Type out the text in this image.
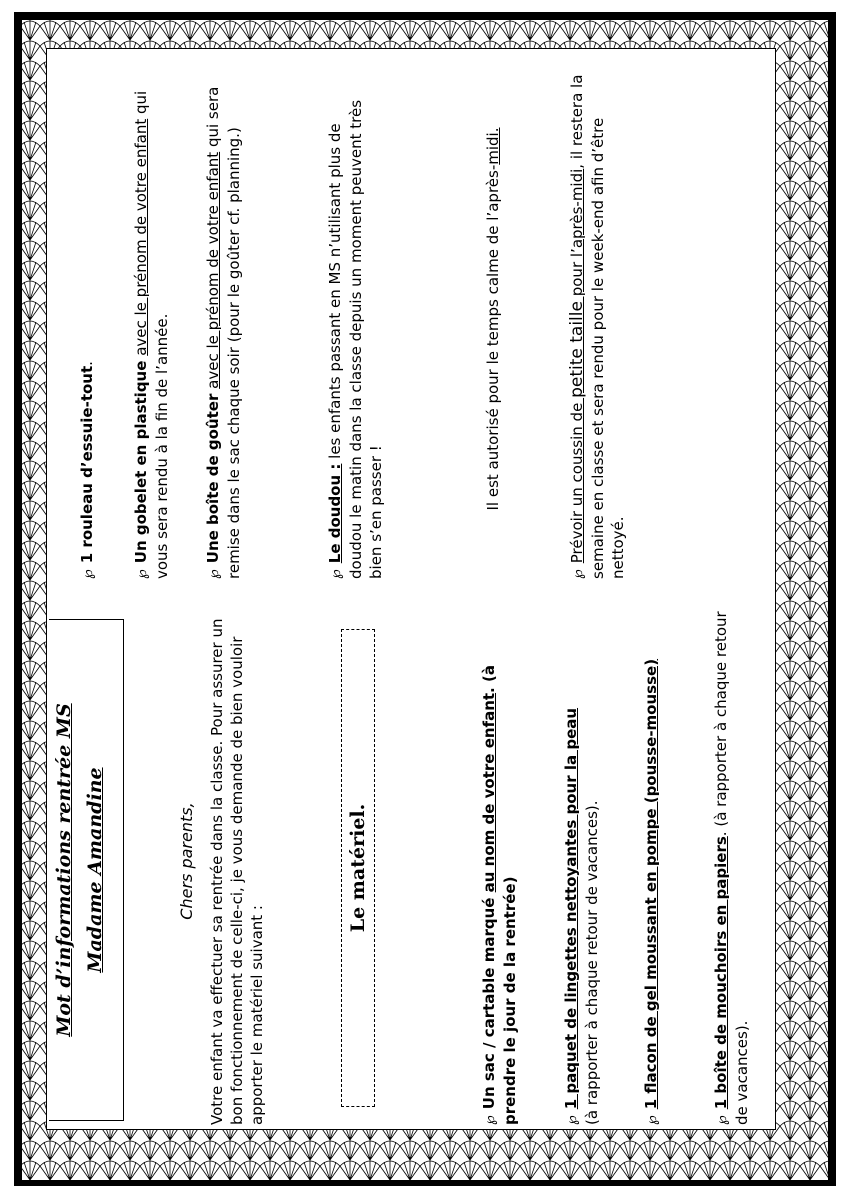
Mot d’informations rentrée MS Madame Amandine	Chers parents, Votre enfant va effectuer sa rentrée dans la classe. Pour assurer un bon fonctionnement de celle-ci, je vous demande de bien vouloir apporter le matériel suivant :
Le matériel.
℘Un sac / cartable marqué au nom de votre enfant. (à prendre le jour de la rentrée)	℘1 paquet de lingettes nettoyantes pour la peau (à rapporter à chaque retour de vacances).	℘1 flacon de gel moussant en pompe (pousse-mousse)
℘1 boîte de mouchoirs en papiers. (à rapporter à chaque retour de vacances).
℘1 rouleau d’essuie-tout.
℘Un gobelet en plastique avec le prénom de votre enfant qui vous sera rendu à la fin de l’année.	℘Une boîte de goûter avec le prénom de votre enfant qui sera remise dans le sac chaque soir (pour le goûter cf. planning.)	℘Le doudou : les enfants passant en MS n’utilisant plus de doudou le matin dans la classe depuis un moment peuvent très bien s’en passer !
Il est autorisé pour le temps calme de l’après-midi.
℘Prévoir un coussin de petite taille pour l’après-midi, il restera la semaine en classe et sera rendu pour le week-end afin d’être nettoyé.
